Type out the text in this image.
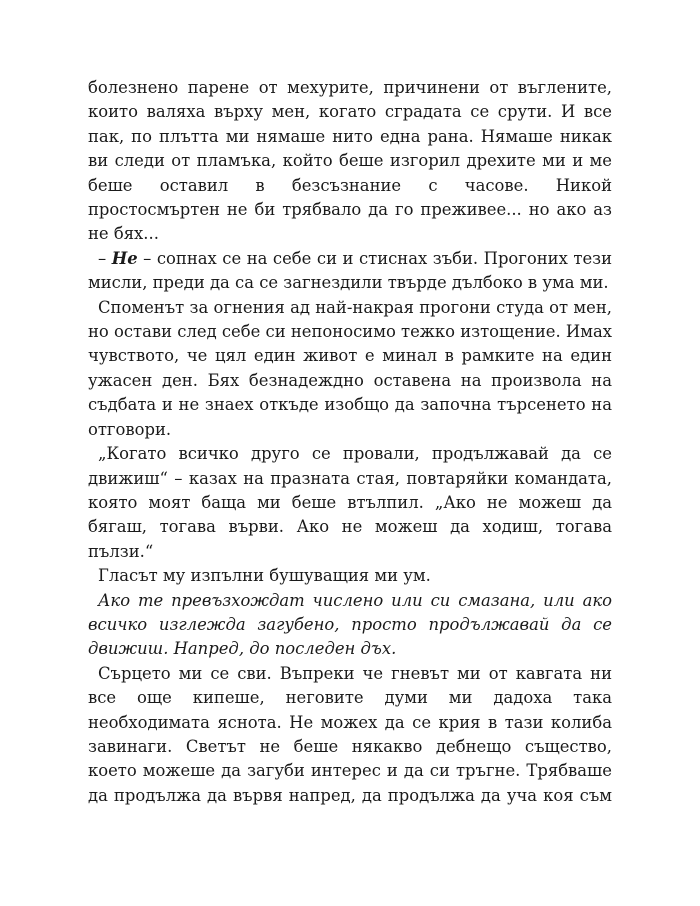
болезнено парене от мехурите, причинени от въглените,
които валяха върху мен, когато сградата се срути. И все
пак, по плътта ми нямаше нито една рана. Нямаше никак
ви следи от пламъка, който беше изгорил дрехите ми и ме
беше оставил в безсъзнание с часове. Никой
простосмъртен не би трябвало да го преживее... но ако аз
не бях...
– Не – сопнах се на себе си и стиснах зъби. Прогоних тези
мисли, преди да са се загнездили твърде дълбоко в ума ми.
Споменът за огнения ад най-накрая прогони студа от мен,
но остави след себе си непоносимо тежко изтощение. Имах
чувството, че цял един живот е минал в рамките на един
ужасен ден. Бях безнадеждно оставена на произвола на
съдбата и не знаех откъде изобщо да започна търсенето на
отговори.
„Когато всичко друго се провали, продължавай да се
движиш“ – казах на празната стая, повтаряйки командата,
която моят баща ми беше втълпил. „Ако не можеш да
бягаш, тогава върви. Ако не можеш да ходиш, тогава
пълзи.“
Гласът му изпълни бушуващия ми ум.
Ако те превъзхождат числено или си смазана, или ако
всичко изглежда загубено, просто продължавай да се
движиш. Напред, до последен дъх.
Сърцето ми се сви. Въпреки че гневът ми от кавгата ни
все още кипеше, неговите думи ми дадоха така
необходимата яснота. Не можех да се крия в тази колиба
завинаги. Светът не беше някакво дебнещо същество,
което можеше да загуби интерес и да си тръгне. Трябваше
да продължа да вървя напред, да продължа да уча коя съм
